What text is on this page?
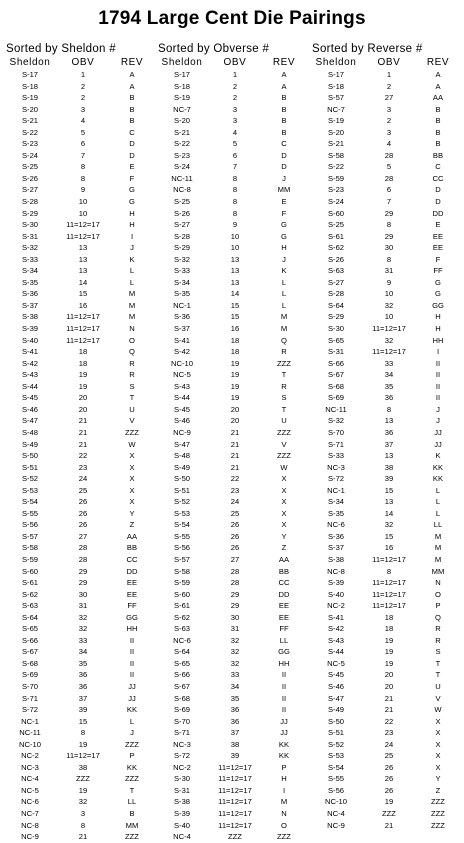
1794 Large Cent Die Pairings
Sorted by Sheldon #
Sheldon	OBV	REV
S-17	1	A
S-18	2	A
S-19	2	B
S-20	3	B
S-21	4	B
S-22	5	C
S-23	6	D
S-24	7	D
S-25	8	E
S-26	8	F
S-27	9	G
S-28	10	G
S-29	10	H
S-30	11=12=17	H
S-31	11=12=17	I
S-32	13	J
S-33	13	K
S-34	13	L
S-35	14	L
S-36	15	M
S-37	16	M
S-38	11=12=17	M
S-39	11=12=17	N
S-40	11=12=17	O
S-41	18	Q
S-42	18	R
S-43	19	R
S-44	19	S
S-45	20	T
S-46	20	U
S-47	21	V
S-48	21	ZZZ
S-49	21	W
S-50	22	X
S-51	23	X
S-52	24	X
S-53	25	X
S-54	26	X
S-55	26	Y
S-56	26	Z
S-57	27	AA
S-58	28	BB
S-59	28	CC
S-60	29	DD
S-61	29	EE
S-62	30	EE
S-63	31	FF
S-64	32	GG
S-65	32	HH
S-66	33	II
S-67	34	II
S-68	35	II
S-69	36	II
S-70	36	JJ
S-71	37	JJ
S-72	39	KK
NC-1	15	L
NC-11	8	J
NC-10	19	ZZZ
NC-2	11=12=17	P
NC-3	38	KK
NC-4	ZZZ	ZZZ
NC-5	19	T
NC-6	32	LL
NC-7	3	B
NC-8	8	MM
NC-9	21	ZZZ
Sorted by Obverse #
Sheldon	OBV	REV
S-17	1	A
S-18	2	A
S-19	2	B
NC-7	3	B
S-20	3	B
S-21	4	B
S-22	5	C
S-23	6	D
S-24	7	D
NC-11	8	J
NC-8	8	MM
S-25	8	E
S-26	8	F
S-27	9	G
S-28	10	G
S-29	10	H
S-32	13	J
S-33	13	K
S-34	13	L
S-35	14	L
NC-1	15	L
S-36	15	M
S-37	16	M
S-41	18	Q
S-42	18	R
NC-10	19	ZZZ
NC-5	19	T
S-43	19	R
S-44	19	S
S-45	20	T
S-46	20	U
NC-9	21	ZZZ
S-47	21	V
S-48	21	ZZZ
S-49	21	W
S-50	22	X
S-51	23	X
S-52	24	X
S-53	25	X
S-54	26	X
S-55	26	Y
S-56	26	Z
S-57	27	AA
S-58	28	BB
S-59	28	CC
S-60	29	DD
S-61	29	EE
S-62	30	EE
S-63	31	FF
NC-6	32	LL
S-64	32	GG
S-65	32	HH
S-66	33	II
S-67	34	II
S-68	35	II
S-69	36	II
S-70	36	JJ
S-71	37	JJ
NC-3	38	KK
S-72	39	KK
NC-2	11=12=17	P
S-30	11=12=17	H
S-31	11=12=17	I
S-38	11=12=17	M
S-39	11=12=17	N
S-40	11=12=17	O
NC-4	ZZZ	ZZZ
Sorted by Reverse #
Sheldon	OBV	REV
S-17	1	A
S-18	2	A
S-57	27	AA
NC-7	3	B
S-19	2	B
S-20	3	B
S-21	4	B
S-58	28	BB
S-22	5	C
S-59	28	CC
S-23	6	D
S-24	7	D
S-60	29	DD
S-25	8	E
S-61	29	EE
S-62	30	EE
S-26	8	F
S-63	31	FF
S-27	9	G
S-28	10	G
S-64	32	GG
S-29	10	H
S-30	11=12=17	H
S-65	32	HH
S-31	11=12=17	I
S-66	33	II
S-67	34	II
S-68	35	II
S-69	36	II
NC-11	8	J
S-32	13	J
S-70	36	JJ
S-71	37	JJ
S-33	13	K
NC-3	38	KK
S-72	39	KK
NC-1	15	L
S-34	13	L
S-35	14	L
NC-6	32	LL
S-36	15	M
S-37	16	M
S-38	11=12=17	M
NC-8	8	MM
S-39	11=12=17	N
S-40	11=12=17	O
NC-2	11=12=17	P
S-41	18	Q
S-42	18	R
S-43	19	R
S-44	19	S
NC-5	19	T
S-45	20	T
S-46	20	U
S-47	21	V
S-49	21	W
S-50	22	X
S-51	23	X
S-52	24	X
S-53	25	X
S-54	26	X
S-55	26	Y
S-56	26	Z
NC-10	19	ZZZ
NC-4	ZZZ	ZZZ
NC-9	21	ZZZ
